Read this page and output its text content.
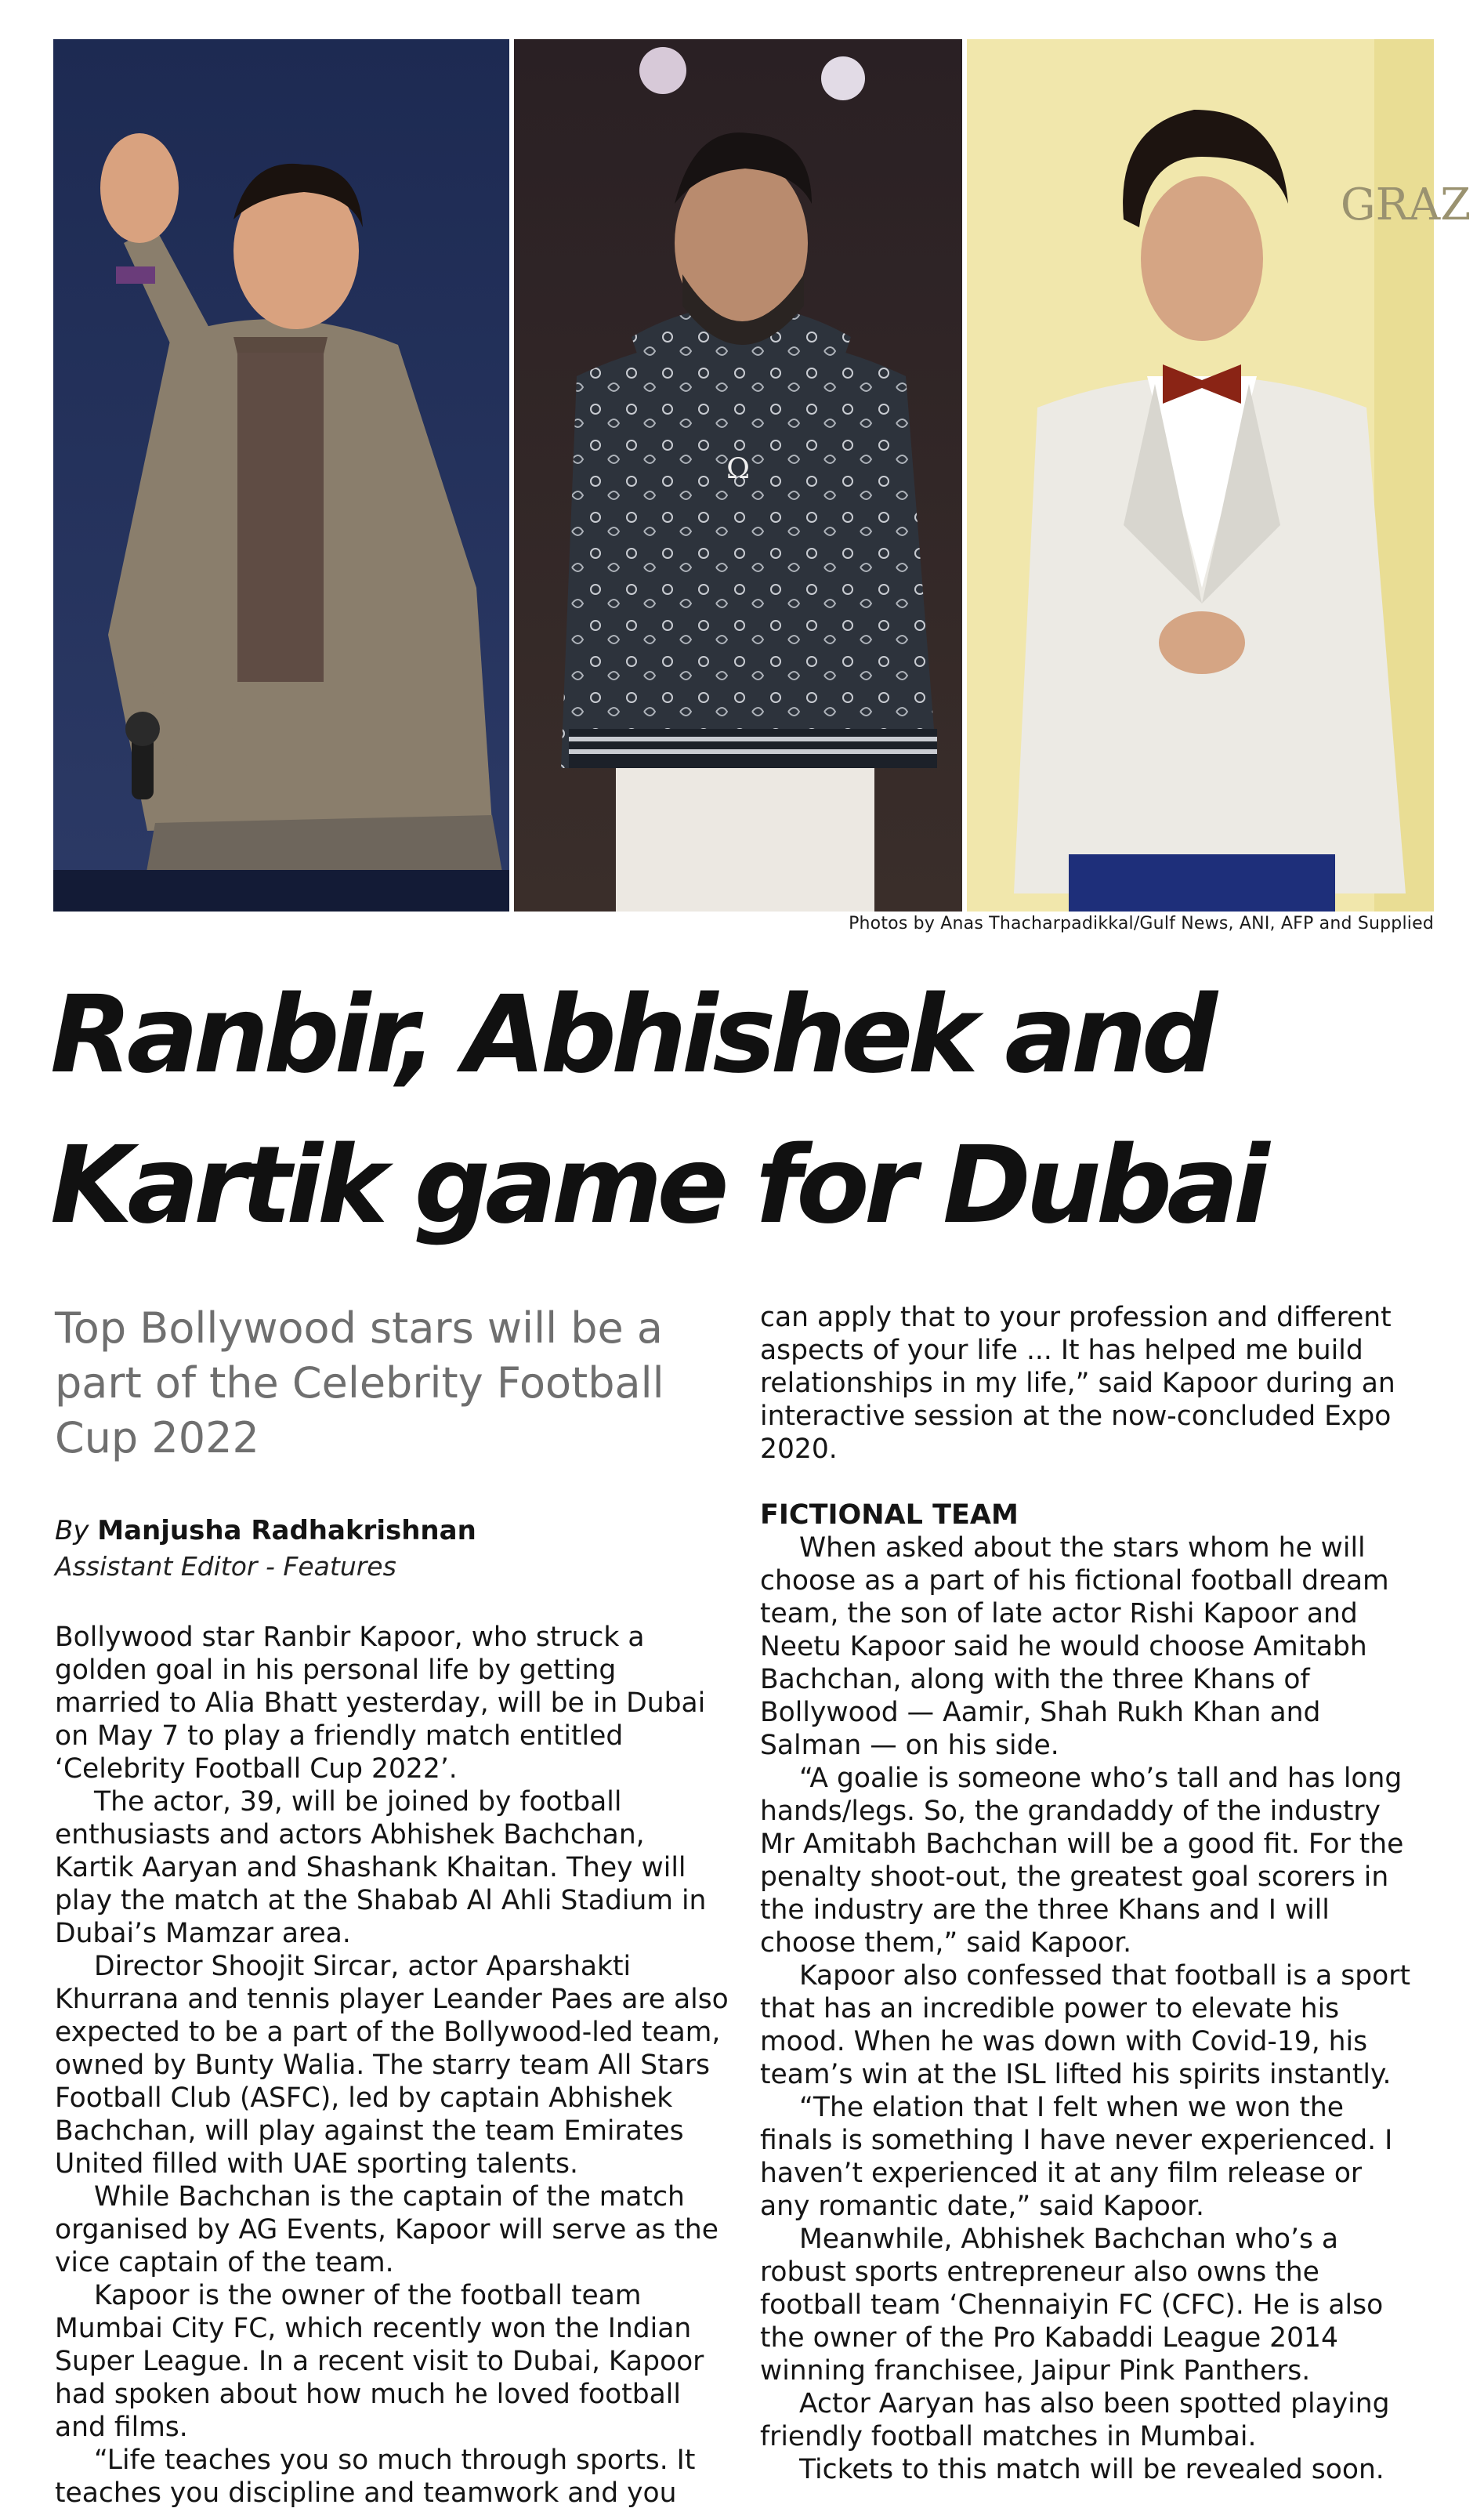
Ω
GRAZ
Photos by Anas Thacharpadikkal/Gulf News, ANI, AFP and Supplied
Ranbir, Abhishek and
Kartik game for Dubai

Top Bollywood stars will be a part of the Celebrity Football Cup 2022

By Manjusha Radhakrishnan
Assistant Editor - Features

Bollywood star Ranbir Kapoor, who struck a golden goal in his personal life by getting married to Alia Bhatt yesterday, will be in Dubai on May 7 to play a friendly match entitled ‘Celebrity Football Cup 2022’.

The actor, 39, will be joined by football enthusiasts and actors Abhishek Bachchan, Kartik Aaryan and Shashank Khaitan. They will play the match at the Shabab Al Ahli Stadium in Dubai’s Mamzar area.

Director Shoojit Sircar, actor Aparshakti Khurrana and tennis player Leander Paes are also expected to be a part of the Bollywood-led team, owned by Bunty Walia. The starry team All Stars Football Club (ASFC), led by captain Abhishek Bachchan, will play against the team Emirates United filled with UAE sporting talents.

While Bachchan is the captain of the match organised by AG Events, Kapoor will serve as the vice captain of the team.

Kapoor is the owner of the football team Mumbai City FC, which recently won the Indian Super League. In a recent visit to Dubai, Kapoor had spoken about how much he loved football and films.

“Life teaches you so much through sports. It teaches you discipline and teamwork and you

can apply that to your profession and different aspects of your life ... It has helped me build relationships in my life,” said Kapoor during an interactive session at the now-concluded Expo 2020.

FICTIONAL TEAM

When asked about the stars whom he will choose as a part of his fictional football dream team, the son of late actor Rishi Kapoor and Neetu Kapoor said he would choose Amitabh Bachchan, along with the three Khans of Bollywood — Aamir, Shah Rukh Khan and Salman — on his side.

“A goalie is someone who’s tall and has long hands/legs. So, the grandaddy of the industry Mr Amitabh Bachchan will be a good fit. For the penalty shoot-out, the greatest goal scorers in the industry are the three Khans and I will choose them,” said Kapoor.

Kapoor also confessed that football is a sport that has an incredible power to elevate his mood. When he was down with Covid-19, his team’s win at the ISL lifted his spirits instantly.

“The elation that I felt when we won the finals is something I have never experienced. I haven’t experienced it at any film release or any romantic date,” said Kapoor.

Meanwhile, Abhishek Bachchan who’s a robust sports entrepreneur also owns the football team ‘Chennaiyin FC (CFC). He is also the owner of the Pro Kabaddi League 2014 winning franchisee, Jaipur Pink Panthers.

Actor Aaryan has also been spotted playing friendly football matches in Mumbai.

Tickets to this match will be revealed soon.
